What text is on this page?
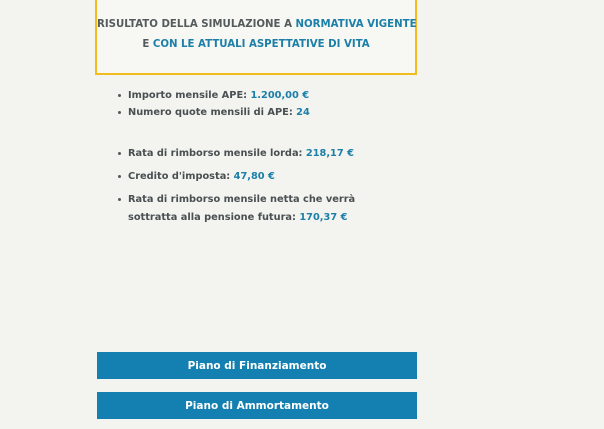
RISULTATO DELLA SIMULAZIONE A NORMATIVA VIGENTE
E CON LE ATTUALI ASPETTATIVE DI VITA
Importo mensile APE: 1.200,00 €
Numero quote mensili di APE: 24
Rata di rimborso mensile lorda: 218,17 €
Credito d'imposta: 47,80 €
Rata di rimborso mensile netta che verrà
sottratta alla pensione futura: 170,37 €
Piano di Finanziamento
Piano di Ammortamento
